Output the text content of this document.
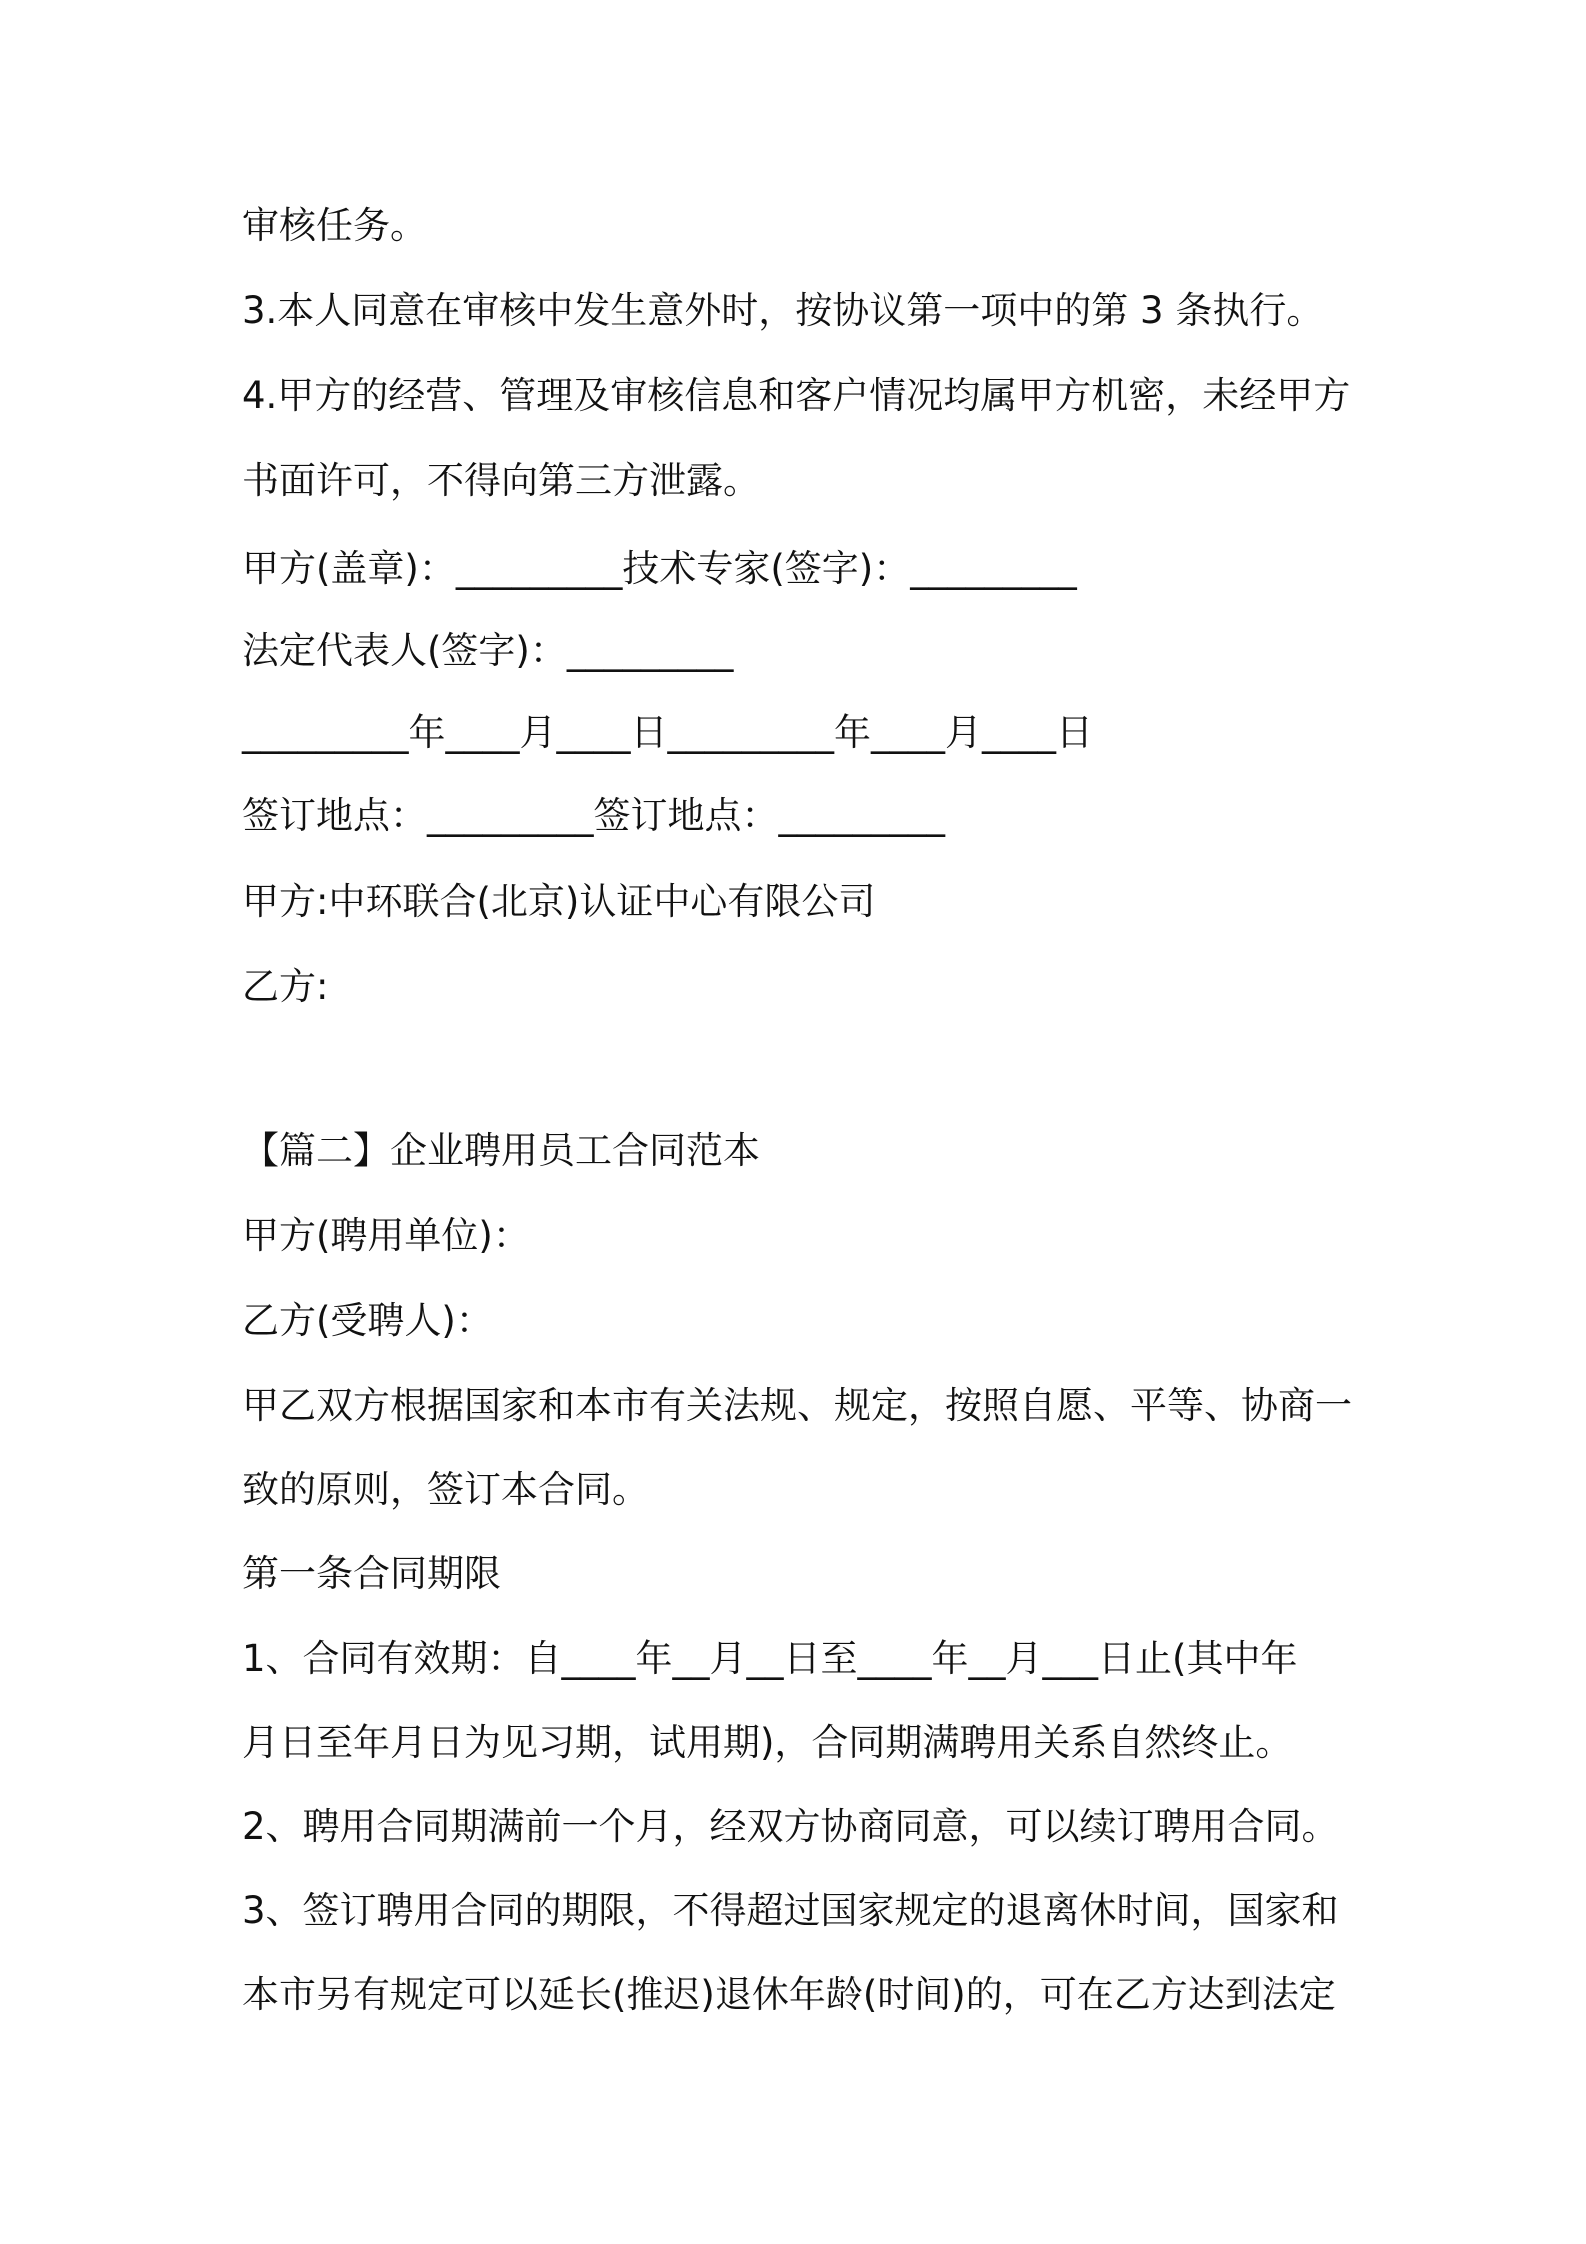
审核任务。
3.本人同意在审核中发生意外时，按协议第一项中的第 3 条执行。
4.甲方的经营、管理及审核信息和客户情况均属甲方机密，未经甲方
书面许可，不得向第三方泄露。
甲方(盖章)：_________技术专家(签字)：_________
法定代表人(签字)：_________
_________年____月____日_________年____月____日
签订地点：_________签订地点：_________
甲方:中环联合(北京)认证中心有限公司
乙方:
【篇二】企业聘用员工合同范本
甲方(聘用单位)：
乙方(受聘人)：
甲乙双方根据国家和本市有关法规、规定，按照自愿、平等、协商一
致的原则，签订本合同。
第一条合同期限
1、合同有效期：自____年__月__日至____年__月___日止(其中年
月日至年月日为见习期，试用期)，合同期满聘用关系自然终止。
2、聘用合同期满前一个月，经双方协商同意，可以续订聘用合同。
3、签订聘用合同的期限，不得超过国家规定的退离休时间，国家和
本市另有规定可以延长(推迟)退休年龄(时间)的，可在乙方达到法定
